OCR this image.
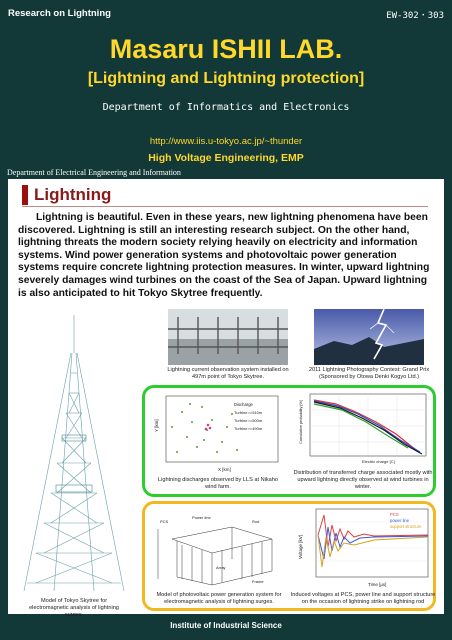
Research on Lightning	EW-302・303
Masaru ISHII LAB.
[Lightning and Lightning protection]
Department of Informatics and Electronics
http://www.iis.u-tokyo.ac.jp/~thunder
High Voltage Engineering, EMP
Department of Electrical Engineering and Information
Lightning
Lightning is beautiful. Even in these years, new lightning phenomena have been discovered. Lightning is still an interesting research subject. On the other hand, lightning threats the modern society relying heavily on electricity and information systems. Wind power generation systems and photovoltaic power generation systems require concrete lightning protection measures. In winter, upward lightning severely damages wind turbines on the coast of the Sea of Japan. Upward lightning is also anticipated to hit Tokyo Skytree frequently.
Model of Tokyo Skytree for electromagnetic analysis of lightning surges.
Lightning current observation system installed on 497m point of Tokyo Skytree.
2011 Lightning Photography Contest: Grand Prix (Sponsored by Otowa Denki Kogyo Ltd.)
Discharge
Turbine r=510m
Turbine r=500m
Turbine r=490m
X [km]
Y [km]
Lightning discharges observed by LLS at Nikaho wind farm.
Electric charge [C]
Cumulative probability [%]
Distribution of transferred charge associated mostly with upward lightning directly observed at wind turbines in winter.
PCS
Power line
Rod
Array
Frame
Model of photovoltaic power generation system for electromagnetic analysis of lightning surges.
PCS
power line
support structure
Time [μs]
Voltage [kV]
Induced voltages at PCS, power line and support structure on the occasion of lightning strike on lightning rod
Institute of Industrial Science
